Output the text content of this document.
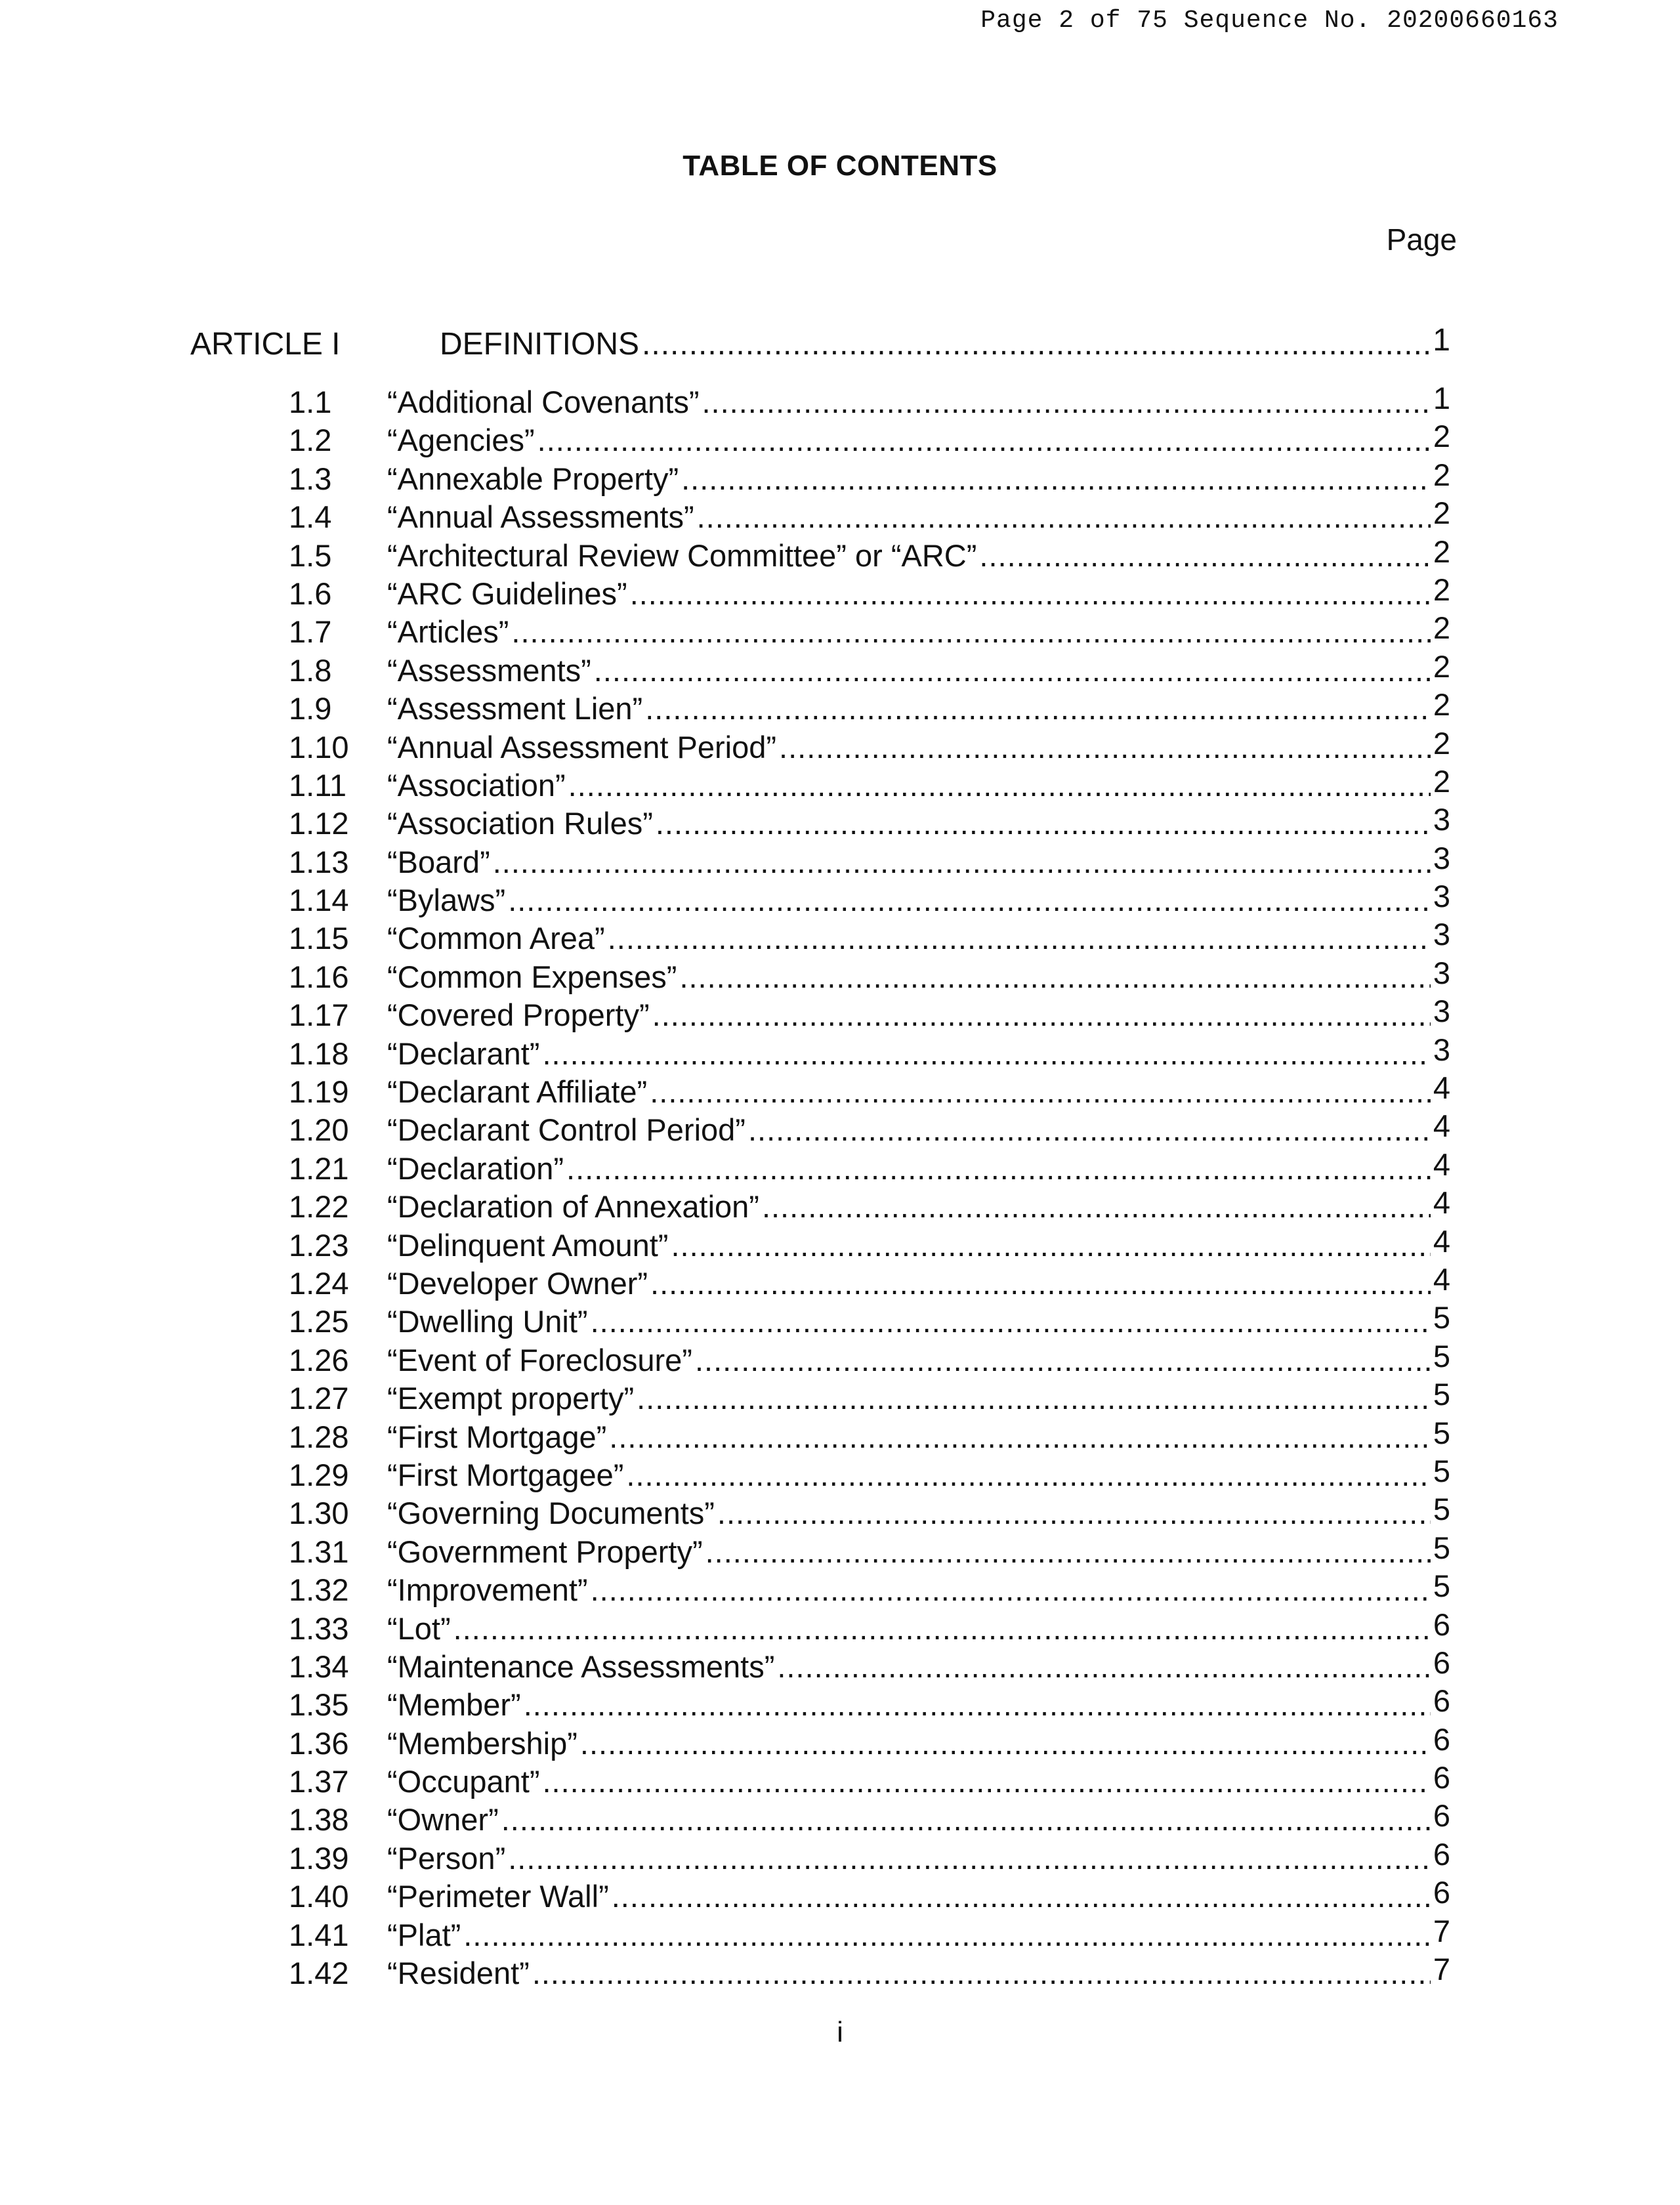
Page 2 of 75 Sequence No. 20200660163
TABLE OF CONTENTS
Page
ARTICLE I	DEFINITIONS .....	1
1.1	“Additional Covenants” .....	1
1.2	“Agencies” .....	2
1.3	“Annexable Property” .....	2
1.4	“Annual Assessments” .....	2
1.5	“Architectural Review Committee” or “ARC” .....	2
1.6	“ARC Guidelines” .....	2
1.7	“Articles” .....	2
1.8	“Assessments” .....	2
1.9	“Assessment Lien” .....	2
1.10	“Annual Assessment Period” .....	2
1.11	“Association” .....	2
1.12	“Association Rules” .....	3
1.13	“Board” .....	3
1.14	“Bylaws” .....	3
1.15	“Common Area” .....	3
1.16	“Common Expenses” .....	3
1.17	“Covered Property” .....	3
1.18	“Declarant” .....	3
1.19	“Declarant Affiliate” .....	4
1.20	“Declarant Control Period” .....	4
1.21	“Declaration” .....	4
1.22	“Declaration of Annexation” .....	4
1.23	“Delinquent Amount” .....	4
1.24	“Developer Owner” .....	4
1.25	“Dwelling Unit” .....	5
1.26	“Event of Foreclosure” .....	5
1.27	“Exempt property” .....	5
1.28	“First Mortgage” .....	5
1.29	“First Mortgagee” .....	5
1.30	“Governing Documents” .....	5
1.31	“Government Property” .....	5
1.32	“Improvement” .....	5
1.33	“Lot” .....	6
1.34	“Maintenance Assessments” .....	6
1.35	“Member” .....	6
1.36	“Membership” .....	6
1.37	“Occupant” .....	6
1.38	“Owner” .....	6
1.39	“Person” .....	6
1.40	“Perimeter Wall” .....	6
1.41	“Plat” .....	7
1.42	“Resident” .....	7
i
